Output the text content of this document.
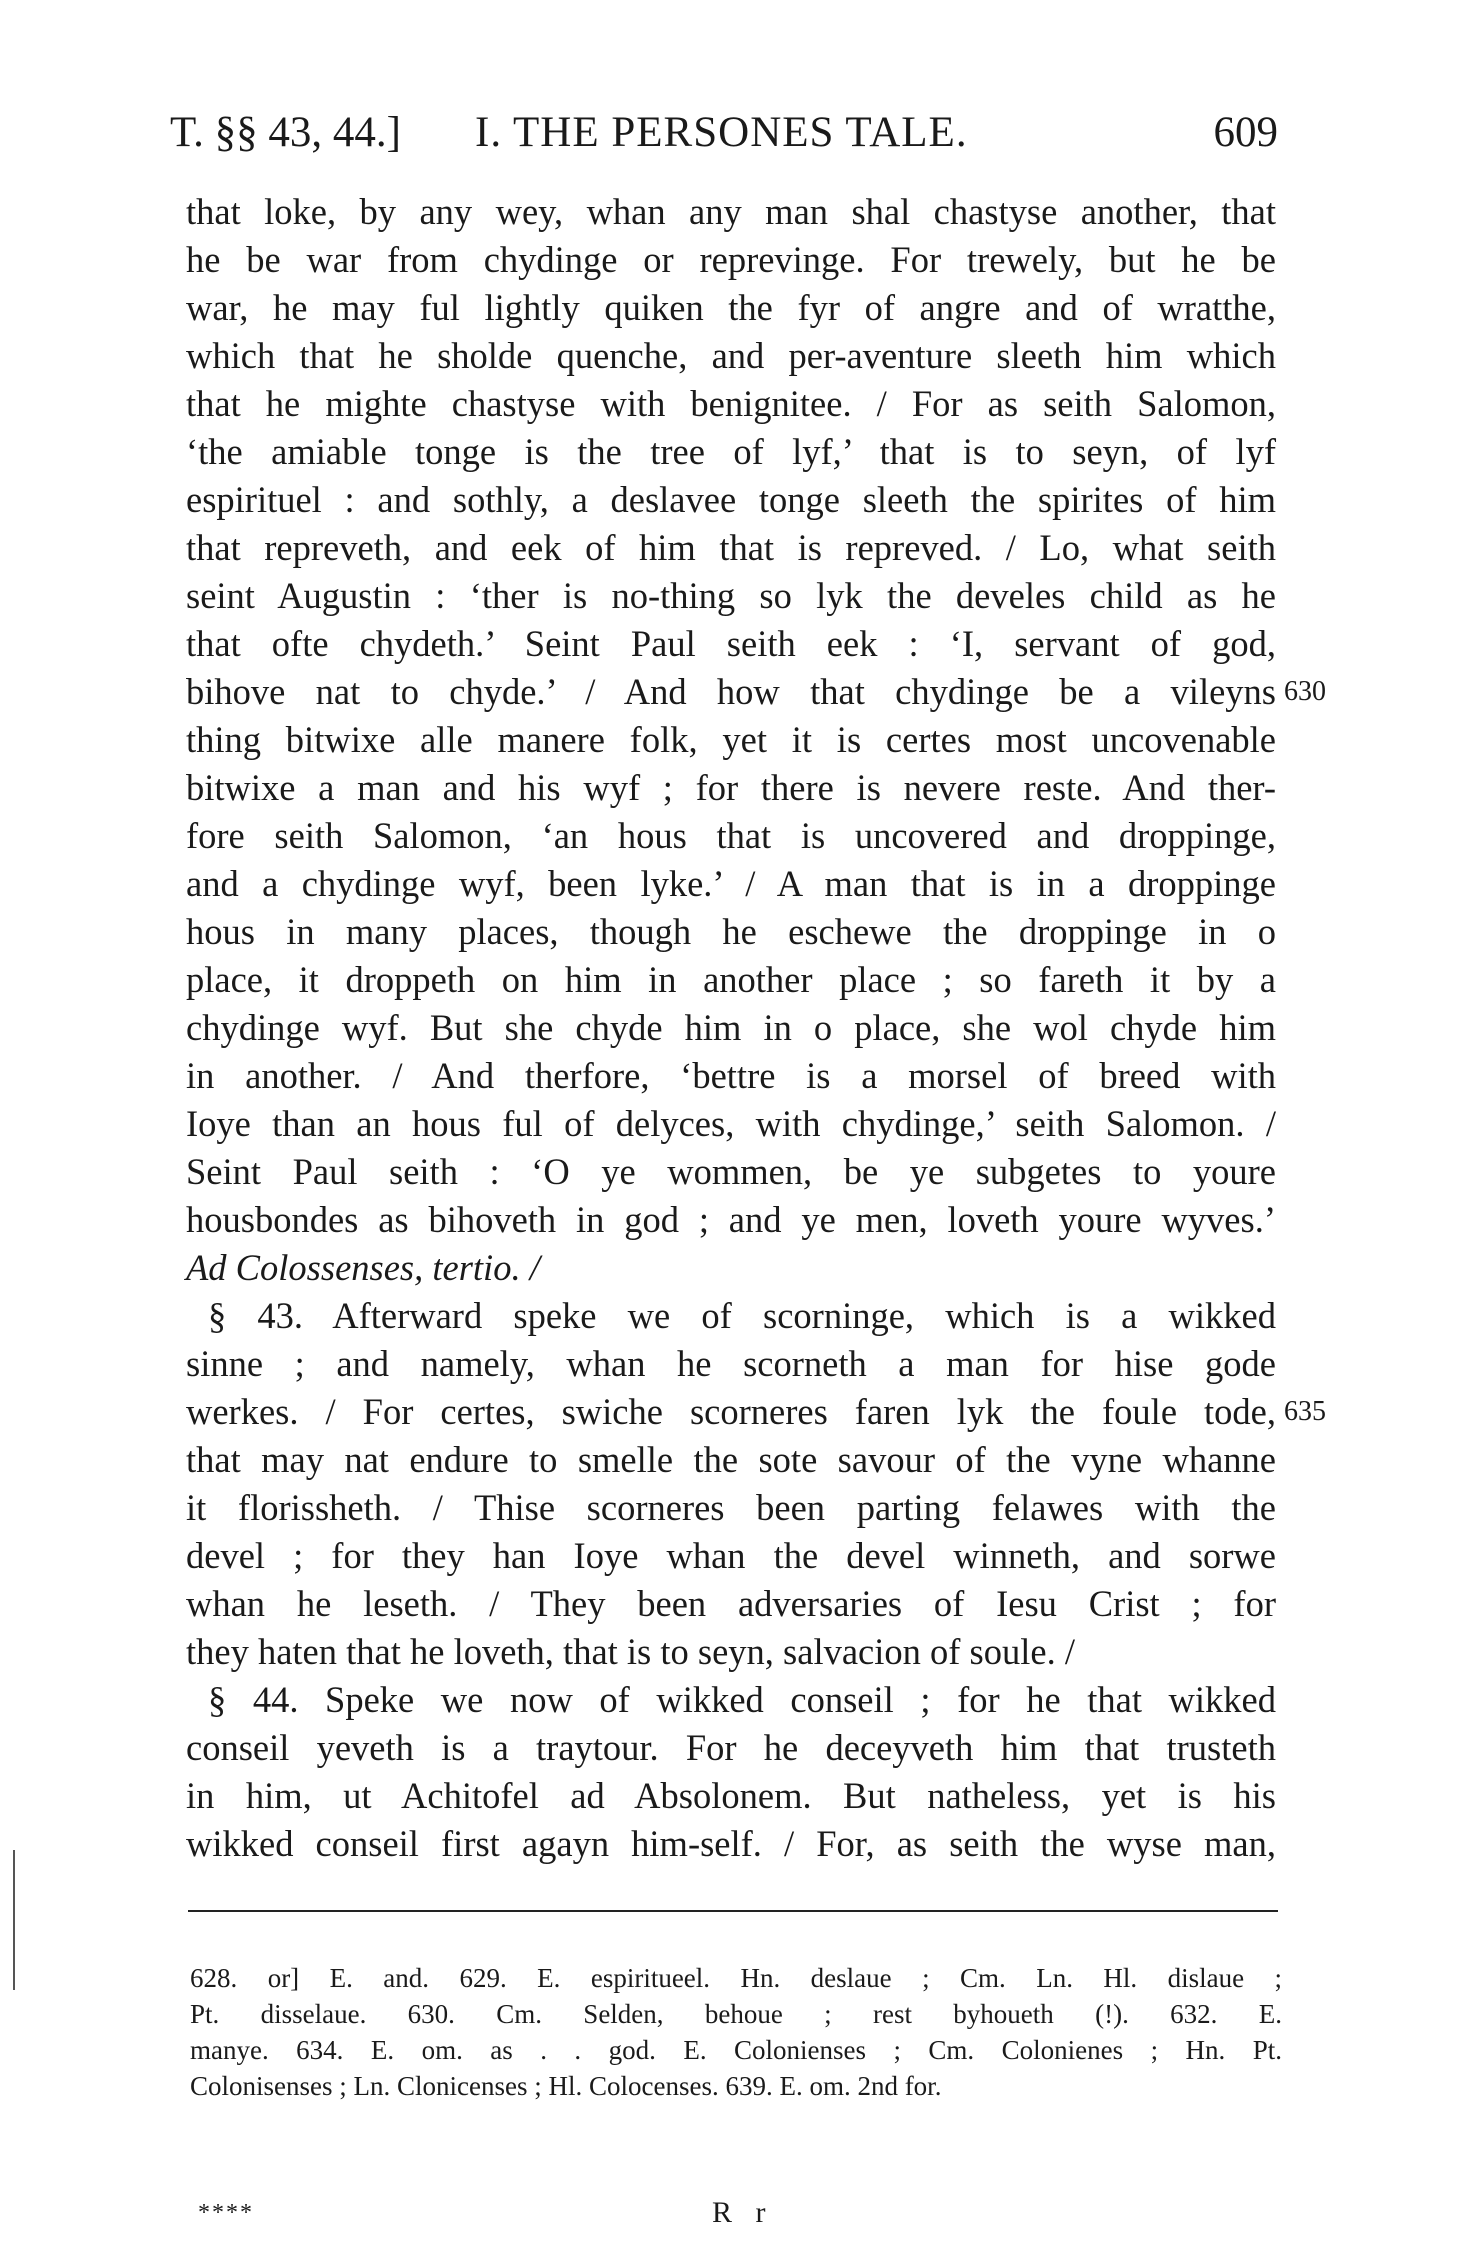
T. §§ 43, 44.] I. THE PERSONES TALE.	609
that loke, by any wey, whan any man shal chastyse another, that
he be war from chydinge or reprevinge. For trewely, but he be
war, he may ful lightly quiken the fyr of angre and of wratthe,
which that he sholde quenche, and per-aventure sleeth him which
that he mighte chastyse with benignitee. / For as seith Salomon,
‘the amiable tonge is the tree of lyf,’ that is to seyn, of lyf
espirituel : and sothly, a deslavee tonge sleeth the spirites of him
that repreveth, and eek of him that is repreved. / Lo, what seith
seint Augustin : ‘ther is no-thing so lyk the develes child as he
that ofte chydeth.’ Seint Paul seith eek : ‘I, servant of god,
bihove nat to chyde.’ / And how that chydinge be a vileyns 630
thing bitwixe alle manere folk, yet it is certes most uncovenable
bitwixe a man and his wyf ; for there is nevere reste. And ther-
fore seith Salomon, ‘an hous that is uncovered and droppinge,
and a chydinge wyf, been lyke.’ / A man that is in a droppinge
hous in many places, though he eschewe the droppinge in o
place, it droppeth on him in another place ; so fareth it by a
chydinge wyf. But she chyde him in o place, she wol chyde him
in another. / And therfore, ‘bettre is a morsel of breed with
Ioye than an hous ful of delyces, with chydinge,’ seith Salomon. /
Seint Paul seith : ‘O ye wommen, be ye subgetes to youre
housbondes as bihoveth in god ; and ye men, loveth youre wyves.’
Ad Colossenses, tertio. /
§ 43. Afterward speke we of scorninge, which is a wikked
sinne ; and namely, whan he scorneth a man for hise gode
werkes. / For certes, swiche scorneres faren lyk the foule tode, 635
that may nat endure to smelle the sote savour of the vyne whanne
it florissheth. / Thise scorneres been parting felawes with the
devel ; for they han Ioye whan the devel winneth, and sorwe
whan he leseth. / They been adversaries of Iesu Crist ; for
they haten that he loveth, that is to seyn, salvacion of soule. /
§ 44. Speke we now of wikked conseil ; for he that wikked
conseil yeveth is a traytour. For he deceyveth him that trusteth
in him, ut Achitofel ad Absolonem. But natheless, yet is his
wikked conseil first agayn him-self. / For, as seith the wyse man,
628. or] E. and. 629. E. espiritueel. Hn. deslaue ; Cm. Ln. Hl. dislaue ;
Pt. disselaue. 630. Cm. Selden, behoue ; rest byhoueth (!). 632. E.
manye. 634. E. om. as . . god. E. Colonienses ; Cm. Colonienes ; Hn. Pt.
Colonisenses ; Ln. Clonicenses ; Hl. Colocenses. 639. E. om. 2nd for.
****	R r
